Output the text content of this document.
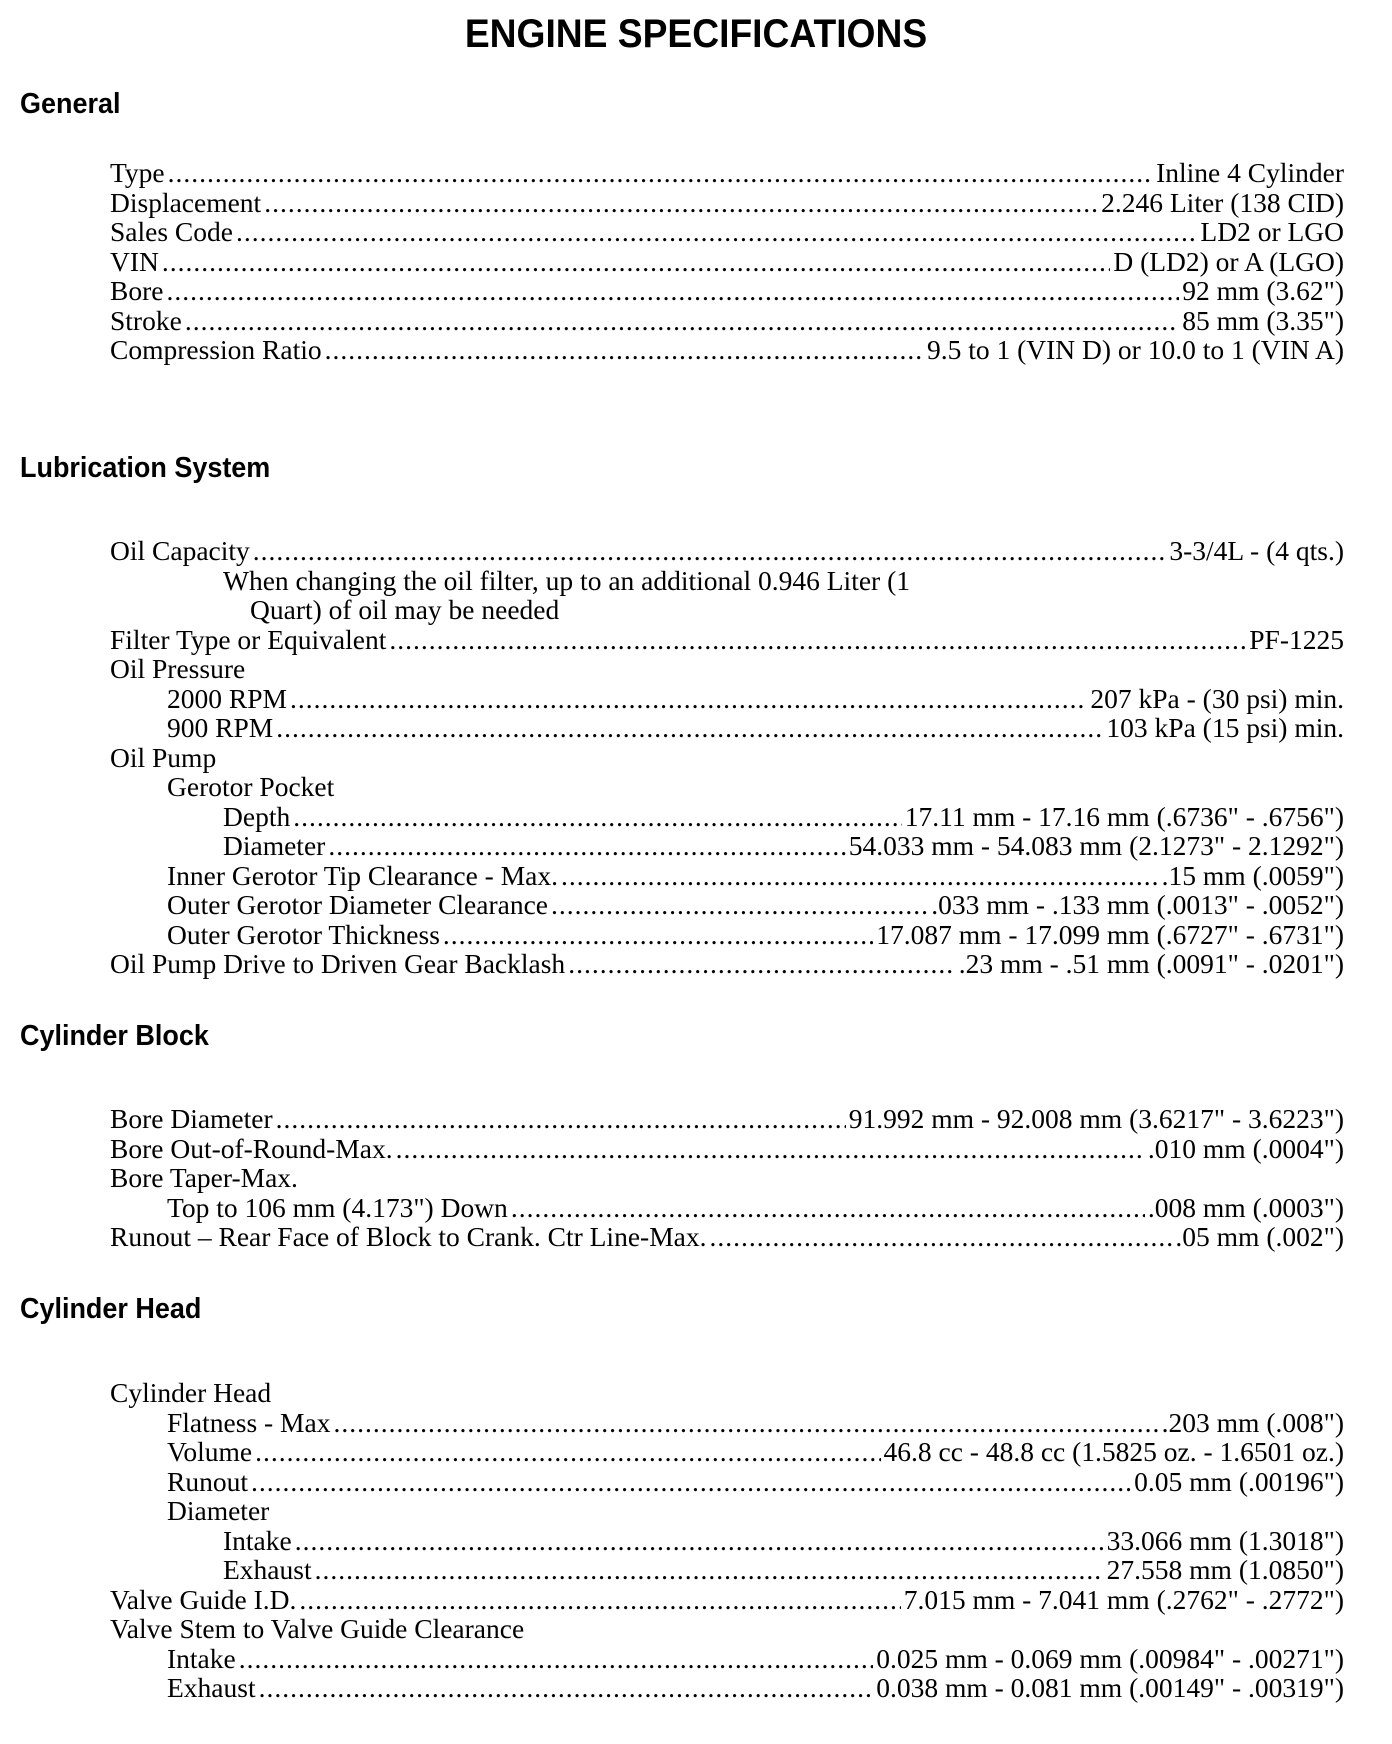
ENGINE SPECIFICATIONS
General
Type .....	Inline 4 Cylinder
Displacement .....	2.246 Liter (138 CID)
Sales Code .....	LD2 or LGO
VIN .....	D (LD2) or A (LGO)
Bore .....	92 mm (3.62")
Stroke .....	85 mm (3.35")
Compression Ratio .....	9.5 to 1 (VIN D) or 10.0 to 1 (VIN A)
Lubrication System
Oil Capacity .....	3-3/4L - (4 qts.)
When changing the oil filter, up to an additional 0.946 Liter (1
Quart) of oil may be needed
Filter Type or Equivalent .....	PF-1225
Oil Pressure
2000 RPM .....	207 kPa - (30 psi) min.
900 RPM .....	103 kPa (15 psi) min.
Oil Pump
Gerotor Pocket
Depth .....	17.11 mm - 17.16 mm (.6736" - .6756")
Diameter .....	54.033 mm - 54.083 mm (2.1273" - 2.1292")
Inner Gerotor Tip Clearance - Max. .....	.15 mm (.0059")
Outer Gerotor Diameter Clearance .....	.033 mm - .133 mm (.0013" - .0052")
Outer Gerotor Thickness .....	17.087 mm - 17.099 mm (.6727" - .6731")
Oil Pump Drive to Driven Gear Backlash .....	.23 mm - .51 mm (.0091" - .0201")
Cylinder Block
Bore Diameter .....	91.992 mm - 92.008 mm (3.6217" - 3.6223")
Bore Out-of-Round-Max. .....	.010 mm (.0004")
Bore Taper-Max.
Top to 106 mm (4.173") Down .....	.008 mm (.0003")
Runout – Rear Face of Block to Crank. Ctr Line-Max. .....	.05 mm (.002")
Cylinder Head
Cylinder Head
Flatness - Max .....	.203 mm (.008")
Volume .....	46.8 cc - 48.8 cc (1.5825 oz. - 1.6501 oz.)
Runout .....	0.05 mm (.00196")
Diameter
Intake .....	33.066 mm (1.3018")
Exhaust .....	27.558 mm (1.0850")
Valve Guide I.D. .....	7.015 mm - 7.041 mm (.2762" - .2772")
Valve Stem to Valve Guide Clearance
Intake .....	0.025 mm - 0.069 mm (.00984" - .00271")
Exhaust .....	0.038 mm - 0.081 mm (.00149" - .00319")
